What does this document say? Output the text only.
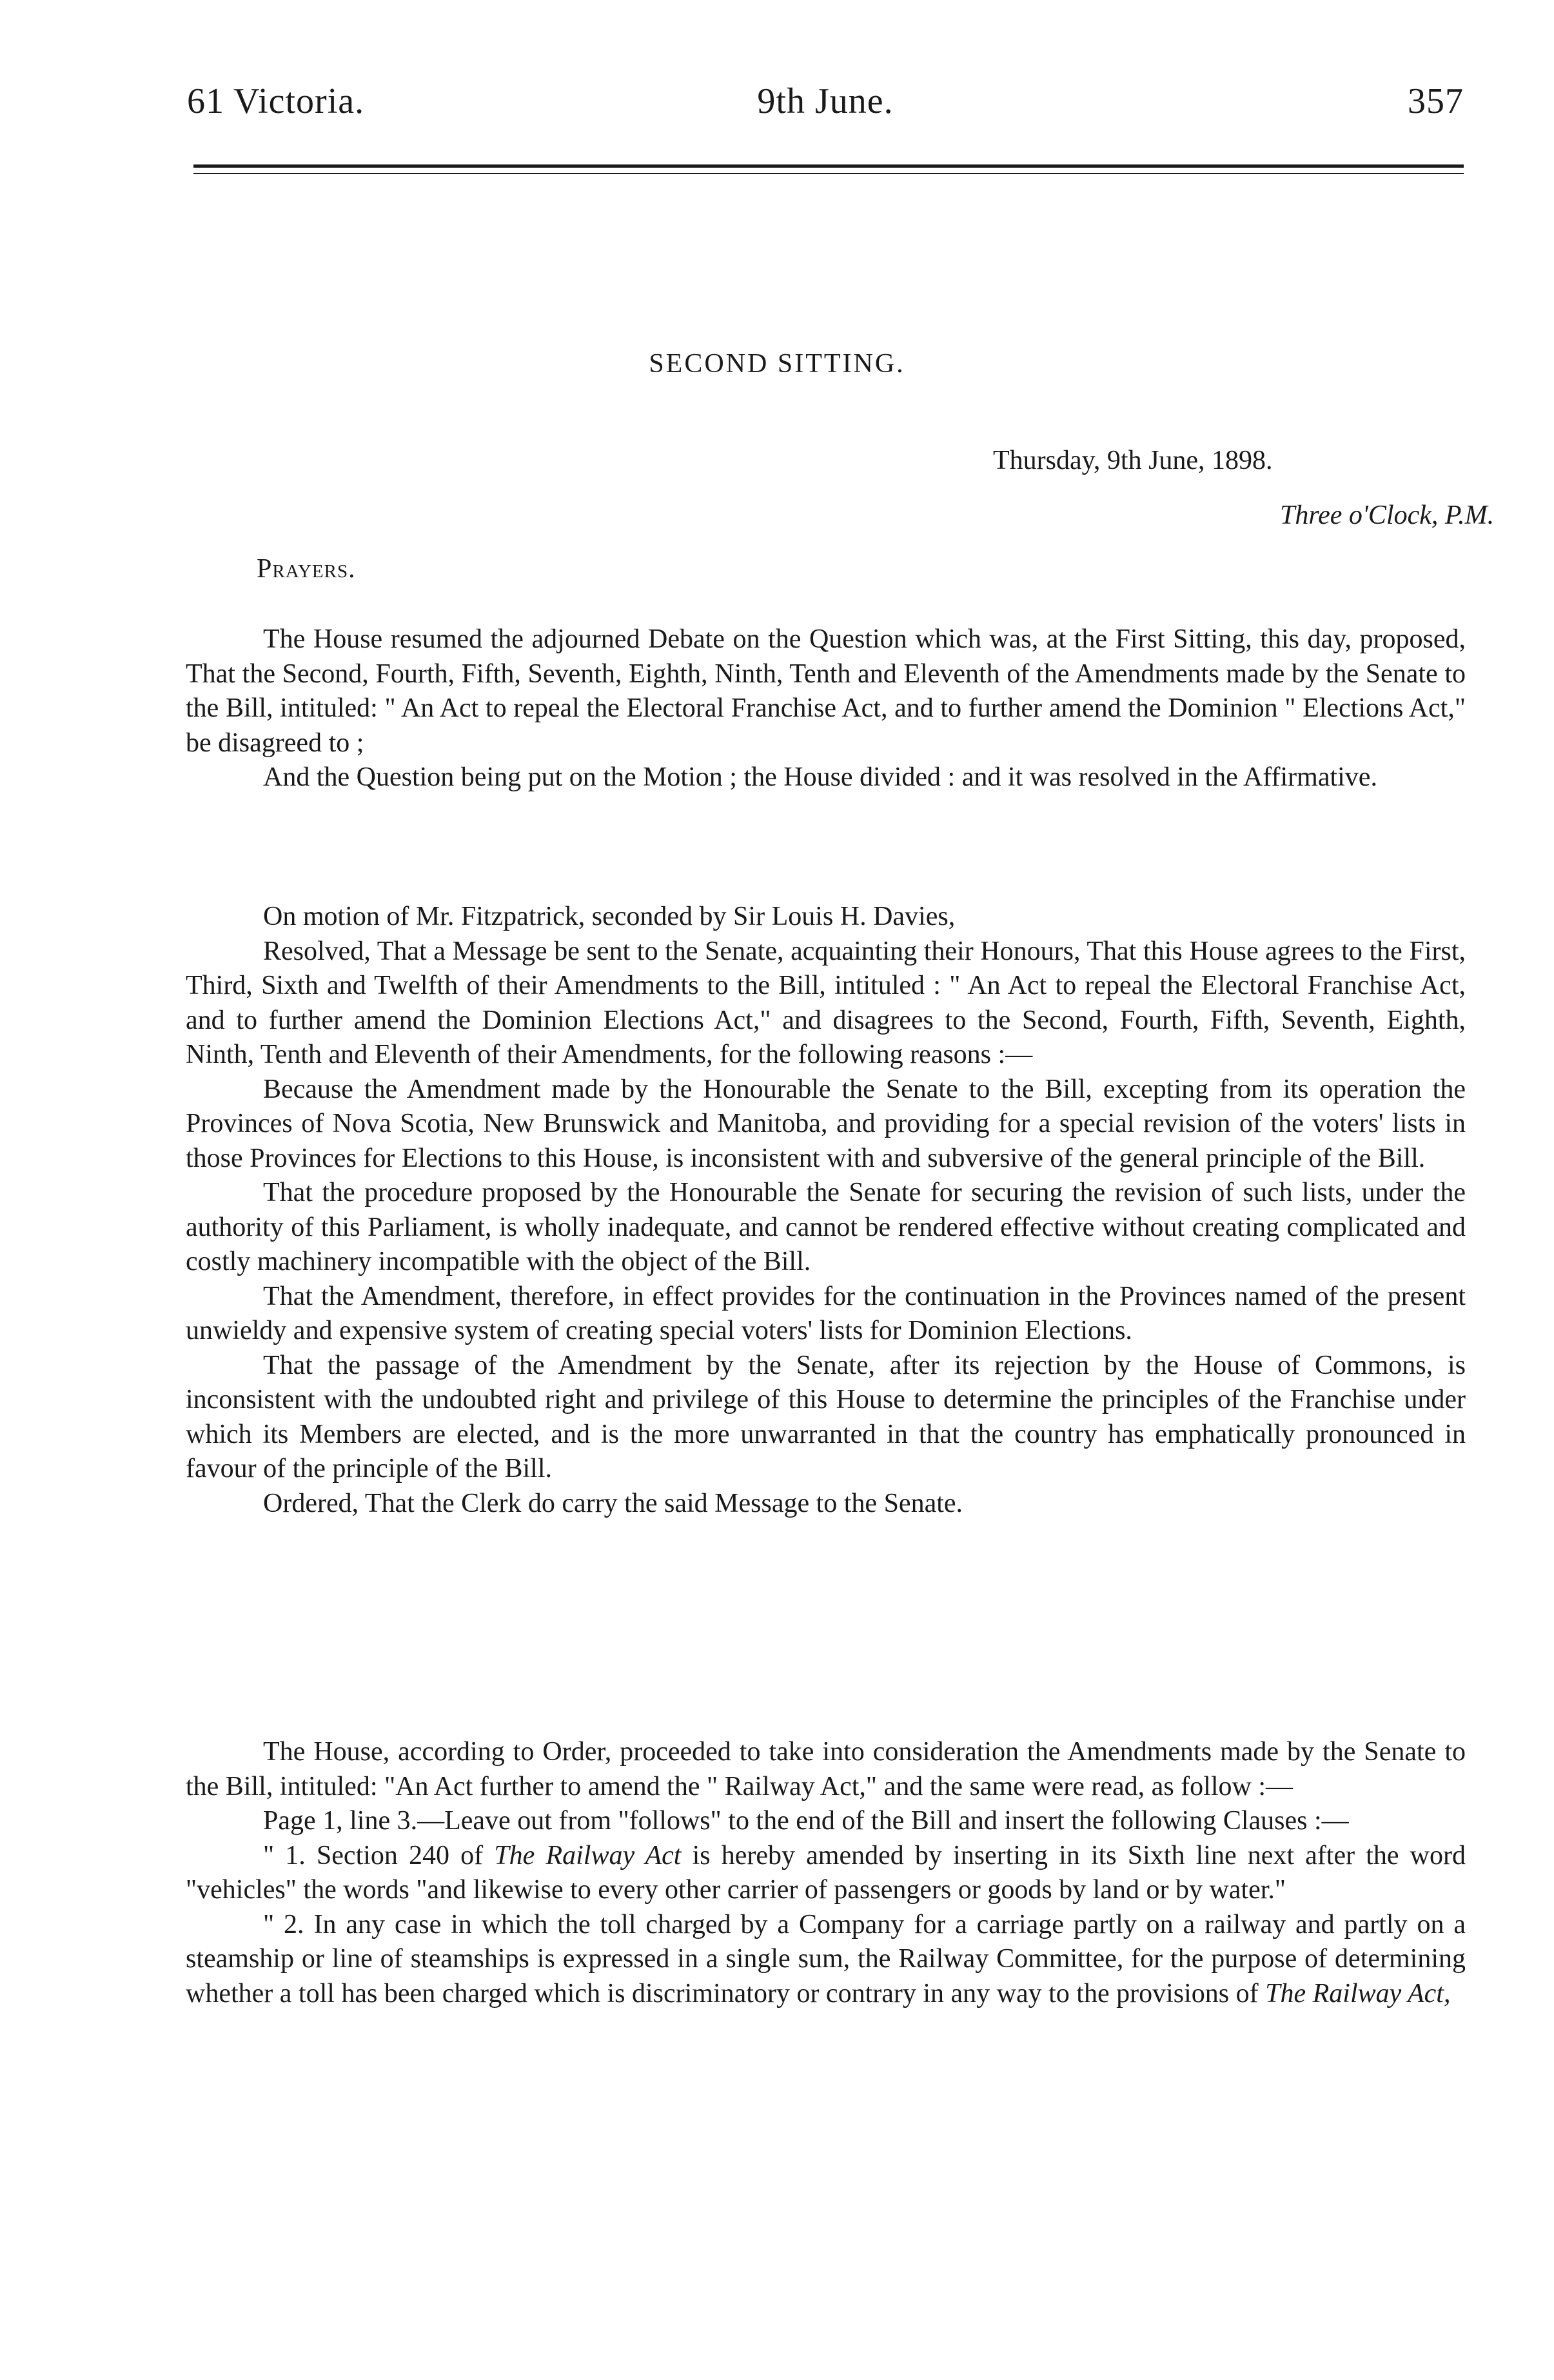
61 Victoria.	9th June.	357
SECOND SITTING.
Thursday, 9th June, 1898.
Three o'Clock, P.M.
Prayers.

The House resumed the adjourned Debate on the Question which was, at the First Sitting, this day, proposed, That the Second, Fourth, Fifth, Seventh, Eighth, Ninth, Tenth and Eleventh of the Amendments made by the Senate to the Bill, intituled: " An Act to repeal the Electoral Franchise Act, and to further amend the Dominion " Elections Act," be disagreed to ;

And the Question being put on the Motion ; the House divided : and it was resolved in the Affirmative.

On motion of Mr. Fitzpatrick, seconded by Sir Louis H. Davies,

Resolved, That a Message be sent to the Senate, acquainting their Honours, That this House agrees to the First, Third, Sixth and Twelfth of their Amendments to the Bill, intituled : " An Act to repeal the Electoral Franchise Act, and to further amend the Dominion Elections Act," and disagrees to the Second, Fourth, Fifth, Seventh, Eighth, Ninth, Tenth and Eleventh of their Amendments, for the following reasons :—

Because the Amendment made by the Honourable the Senate to the Bill, excepting from its operation the Provinces of Nova Scotia, New Brunswick and Manitoba, and providing for a special revision of the voters' lists in those Provinces for Elections to this House, is inconsistent with and subversive of the general principle of the Bill.

That the procedure proposed by the Honourable the Senate for securing the revision of such lists, under the authority of this Parliament, is wholly inadequate, and cannot be rendered effective without creating complicated and costly machinery incompatible with the object of the Bill.

That the Amendment, therefore, in effect provides for the continuation in the Provinces named of the present unwieldy and expensive system of creating special voters' lists for Dominion Elections.

That the passage of the Amendment by the Senate, after its rejection by the House of Commons, is inconsistent with the undoubted right and privilege of this House to determine the principles of the Franchise under which its Members are elected, and is the more unwarranted in that the country has emphatically pronounced in favour of the principle of the Bill.

Ordered, That the Clerk do carry the said Message to the Senate.

The House, according to Order, proceeded to take into consideration the Amendments made by the Senate to the Bill, intituled: "An Act further to amend the " Railway Act," and the same were read, as follow :—

Page 1, line 3.—Leave out from "follows" to the end of the Bill and insert the following Clauses :—

" 1. Section 240 of The Railway Act is hereby amended by inserting in its Sixth line next after the word "vehicles" the words "and likewise to every other carrier of passengers or goods by land or by water."

" 2. In any case in which the toll charged by a Company for a carriage partly on a railway and partly on a steamship or line of steamships is expressed in a single sum, the Railway Committee, for the purpose of determining whether a toll has been charged which is discriminatory or contrary in any way to the provisions of The Railway Act,
